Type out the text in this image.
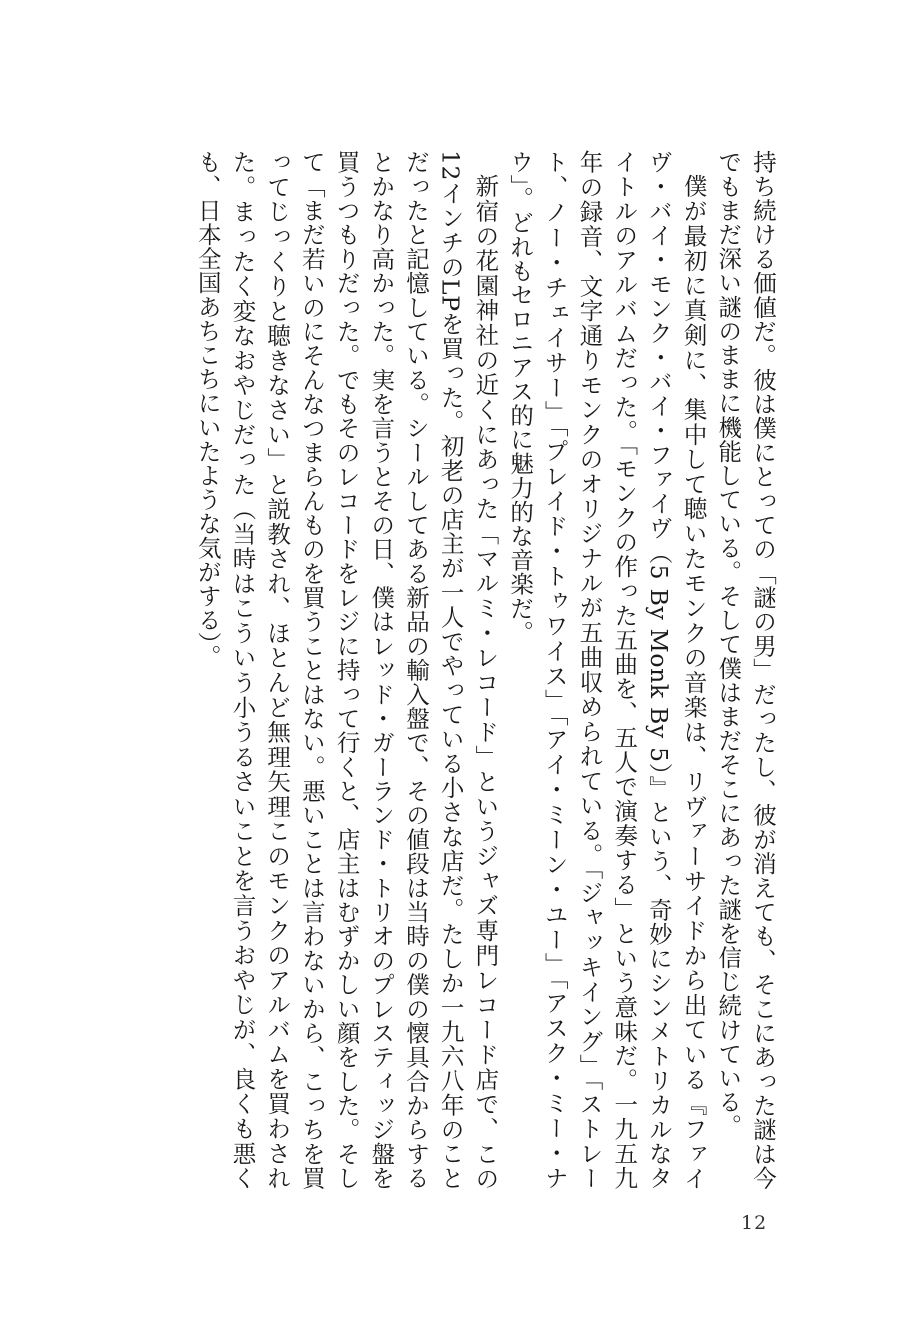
持ち続ける価値だ。彼は僕にとっての「謎の男」だったし、彼が消えても、そこにあった謎は今でもまだ深い謎のままに機能している。そして僕はまだそこにあった謎を信じ続けている。

僕が最初に真剣に、集中して聴いたモンクの音楽は、リヴァーサイドから出ている『ファイヴ・バイ・モンク・バイ・ファイヴ（5 By Monk By 5）』という、奇妙にシンメトリカルなタイトルのアルバムだった。「モンクの作った五曲を、五人で演奏する」という意味だ。一九五九年の録音、文字通りモンクのオリジナルが五曲収められている。「ジャッキイング」「ストレート、ノー・チェイサー」「プレイド・トゥワイス」「アイ・ミーン・ユー」「アスク・ミー・ナウ」。どれもセロニアス的に魅力的な音楽だ。

新宿の花園神社の近くにあった「マルミ・レコード」というジャズ専門レコード店で、この12インチのLPを買った。初老の店主が一人でやっている小さな店だ。たしか一九六八年のことだったと記憶している。シールしてある新品の輸入盤で、その値段は当時の僕の懐具合からするとかなり高かった。実を言うとその日、僕はレッド・ガーランド・トリオのプレスティッジ盤を買うつもりだった。でもそのレコードをレジに持って行くと、店主はむずかしい顔をした。そして「まだ若いのにそんなつまらんものを買うことはない。悪いことは言わないから、こっちを買ってじっくりと聴きなさい」と説教され、ほとんど無理矢理このモンクのアルバムを買わされた。まったく変なおやじだった（当時はこういう小うるさいことを言うおやじが、良くも悪くも、日本全国あちこちにいたような気がする）。

12
